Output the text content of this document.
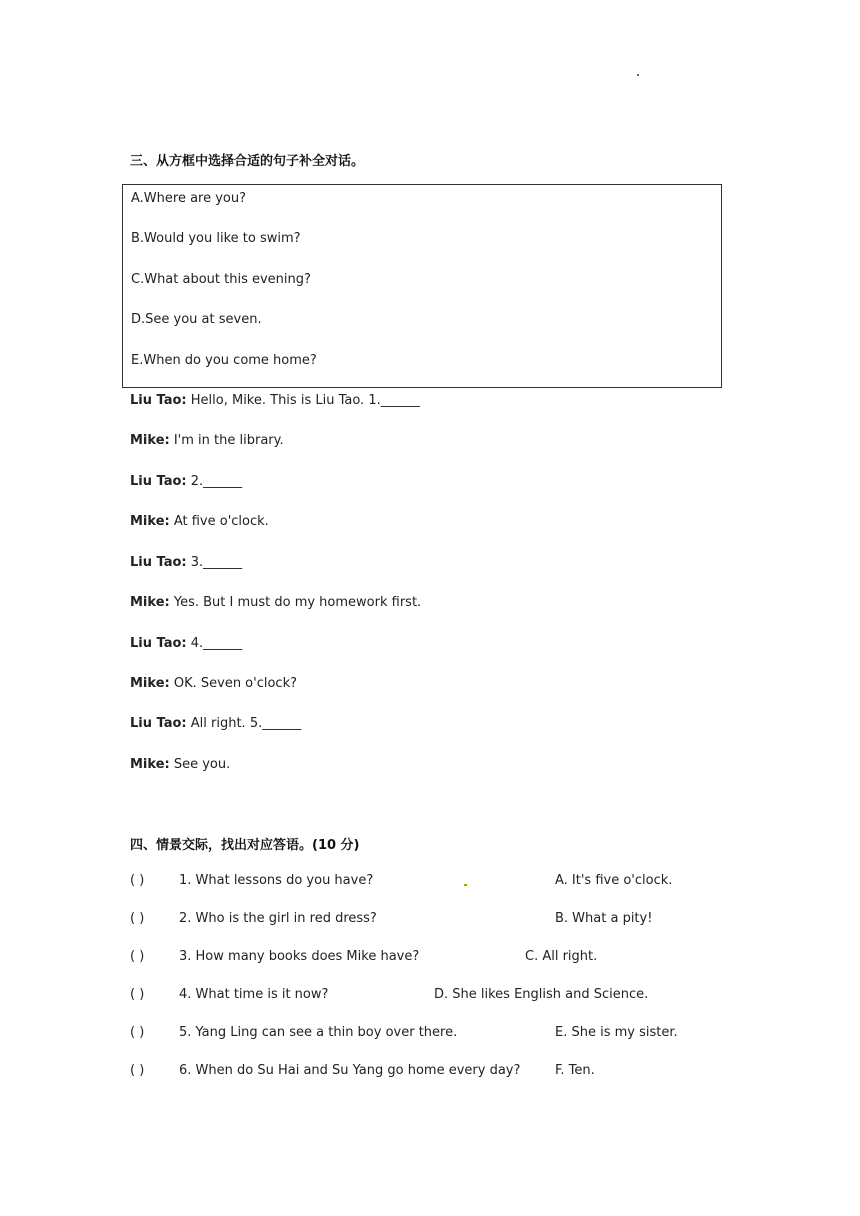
三、从方框中选择合适的句子补全对话。
A.Where are you?
B.Would you like to swim?
C.What about this evening?
D.See you at seven.
E.When do you come home?
Liu Tao: Hello, Mike. This is Liu Tao. 1.______
Mike: I'm in the library.
Liu Tao: 2.______
Mike: At five o'clock.
Liu Tao: 3.______
Mike: Yes. But I must do my homework first.
Liu Tao: 4.______
Mike: OK. Seven o'clock?
Liu Tao: All right. 5.______
Mike: See you.
四、情景交际，找出对应答语。(10 分)
( )	1. What lessons do you have?	A. It's five o'clock.
( )	2. Who is the girl in red dress?	B. What a pity!
( )	3. How many books does Mike have?	C. All right.
( )	4. What time is it now?	D. She likes English and Science.
( )	5. Yang Ling can see a thin boy over there.	E. She is my sister.
( )	6. When do Su Hai and Su Yang go home every day?	F. Ten.
